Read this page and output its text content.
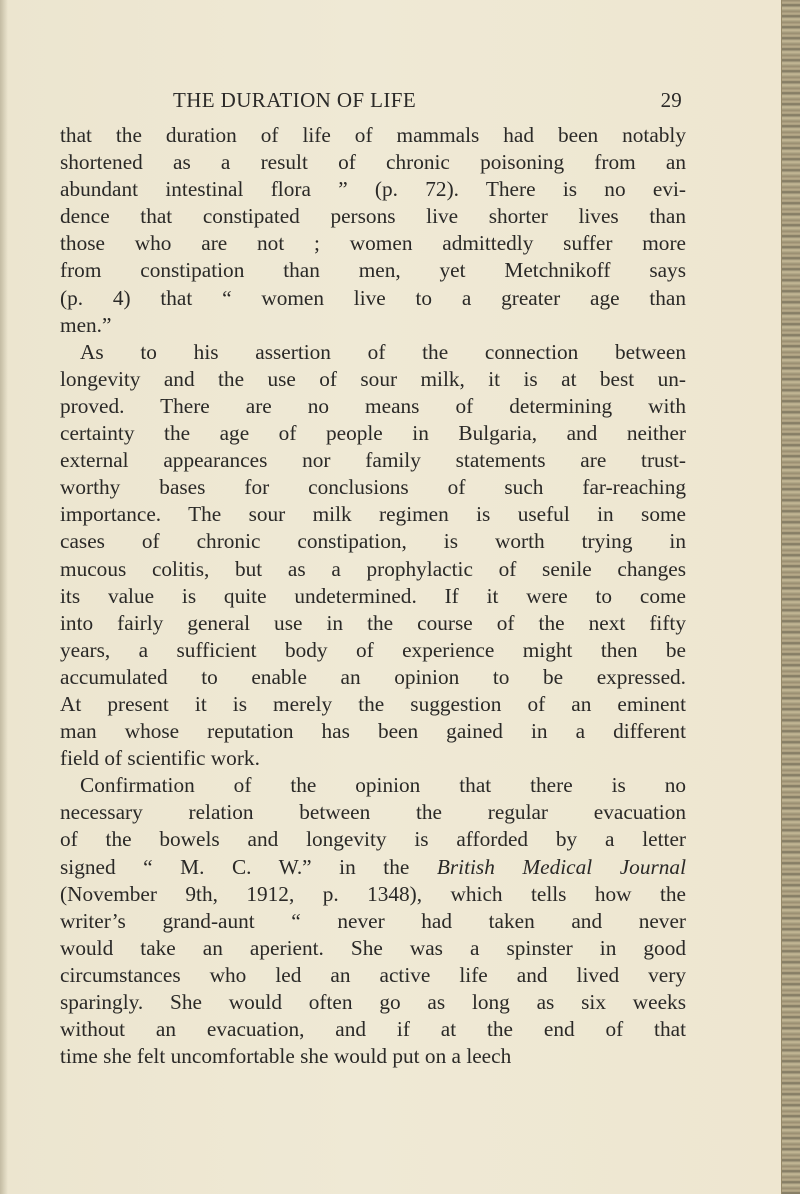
THE DURATION OF LIFE	29
that the duration of life of mammals had been notably
shortened as a result of chronic poisoning from an
abundant intestinal flora ” (p. 72). There is no evi-
dence that constipated persons live shorter lives than
those who are not ; women admittedly suffer more
from constipation than men, yet Metchnikoff says
(p. 4) that “ women live to a greater age than
men.”
As to his assertion of the connection between
longevity and the use of sour milk, it is at best un-
proved. There are no means of determining with
certainty the age of people in Bulgaria, and neither
external appearances nor family statements are trust-
worthy bases for conclusions of such far-reaching
importance. The sour milk regimen is useful in some
cases of chronic constipation, is worth trying in
mucous colitis, but as a prophylactic of senile changes
its value is quite undetermined. If it were to come
into fairly general use in the course of the next fifty
years, a sufficient body of experience might then be
accumulated to enable an opinion to be expressed.
At present it is merely the suggestion of an eminent
man whose reputation has been gained in a different
field of scientific work.
Confirmation of the opinion that there is no
necessary relation between the regular evacuation
of the bowels and longevity is afforded by a letter
signed “ M. C. W.” in the British Medical Journal
(November 9th, 1912, p. 1348), which tells how the
writer’s grand-aunt “ never had taken and never
would take an aperient. She was a spinster in good
circumstances who led an active life and lived very
sparingly. She would often go as long as six weeks
without an evacuation, and if at the end of that
time she felt uncomfortable she would put on a leech
